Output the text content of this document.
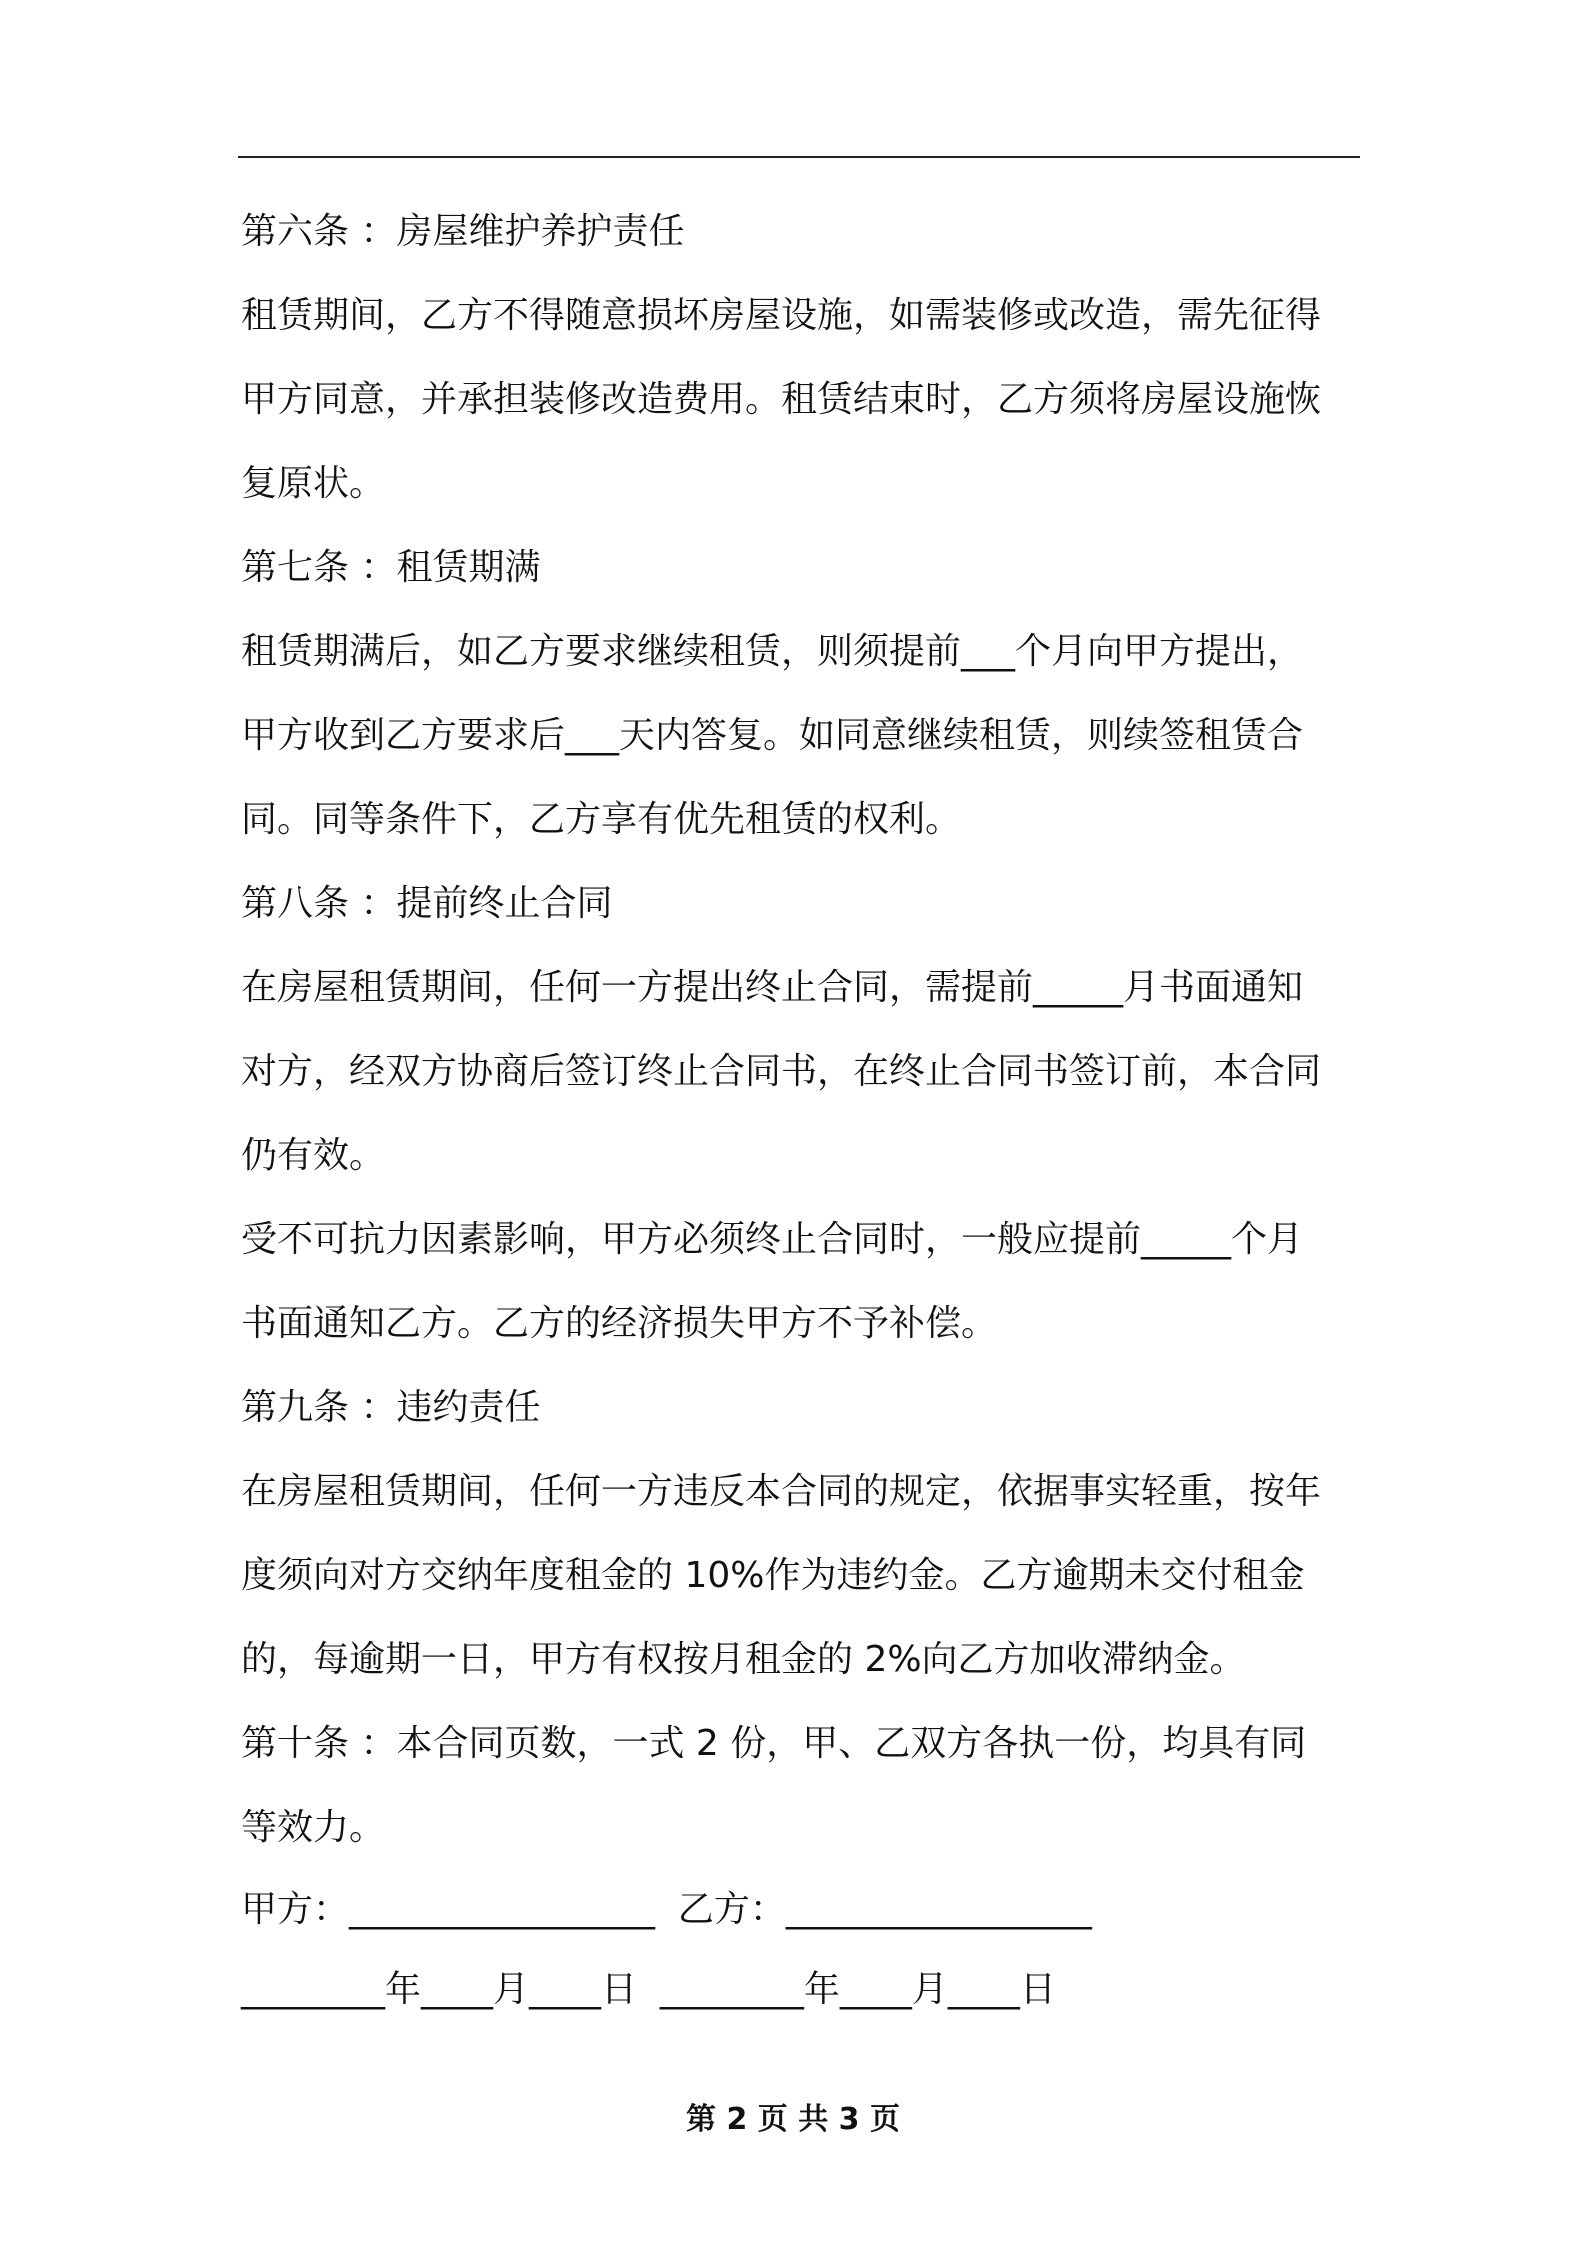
第六条 ：房屋维护养护责任
租赁期间，乙方不得随意损坏房屋设施，如需装修或改造，需先征得
甲方同意，并承担装修改造费用。租赁结束时，乙方须将房屋设施恢
复原状。
第七条 ：租赁期满
租赁期满后，如乙方要求继续租赁，则须提前___个月向甲方提出，
甲方收到乙方要求后___天内答复。如同意继续租赁，则续签租赁合
同。同等条件下，乙方享有优先租赁的权利。
第八条 ：提前终止合同
在房屋租赁期间，任何一方提出终止合同，需提前_____月书面通知
对方，经双方协商后签订终止合同书，在终止合同书签订前，本合同
仍有效。
受不可抗力因素影响，甲方必须终止合同时，一般应提前_____个月
书面通知乙方。乙方的经济损失甲方不予补偿。
第九条 ：违约责任
在房屋租赁期间，任何一方违反本合同的规定，依据事实轻重，按年
度须向对方交纳年度租金的 10%作为违约金。乙方逾期未交付租金
的，每逾期一日，甲方有权按月租金的 2%向乙方加收滞纳金。
第十条 ：本合同页数，一式 2 份，甲、乙双方各执一份，均具有同
等效力。
甲方：_________________  乙方：_________________
________年____月____日  ________年____月____日
第 2 页 共 3 页
